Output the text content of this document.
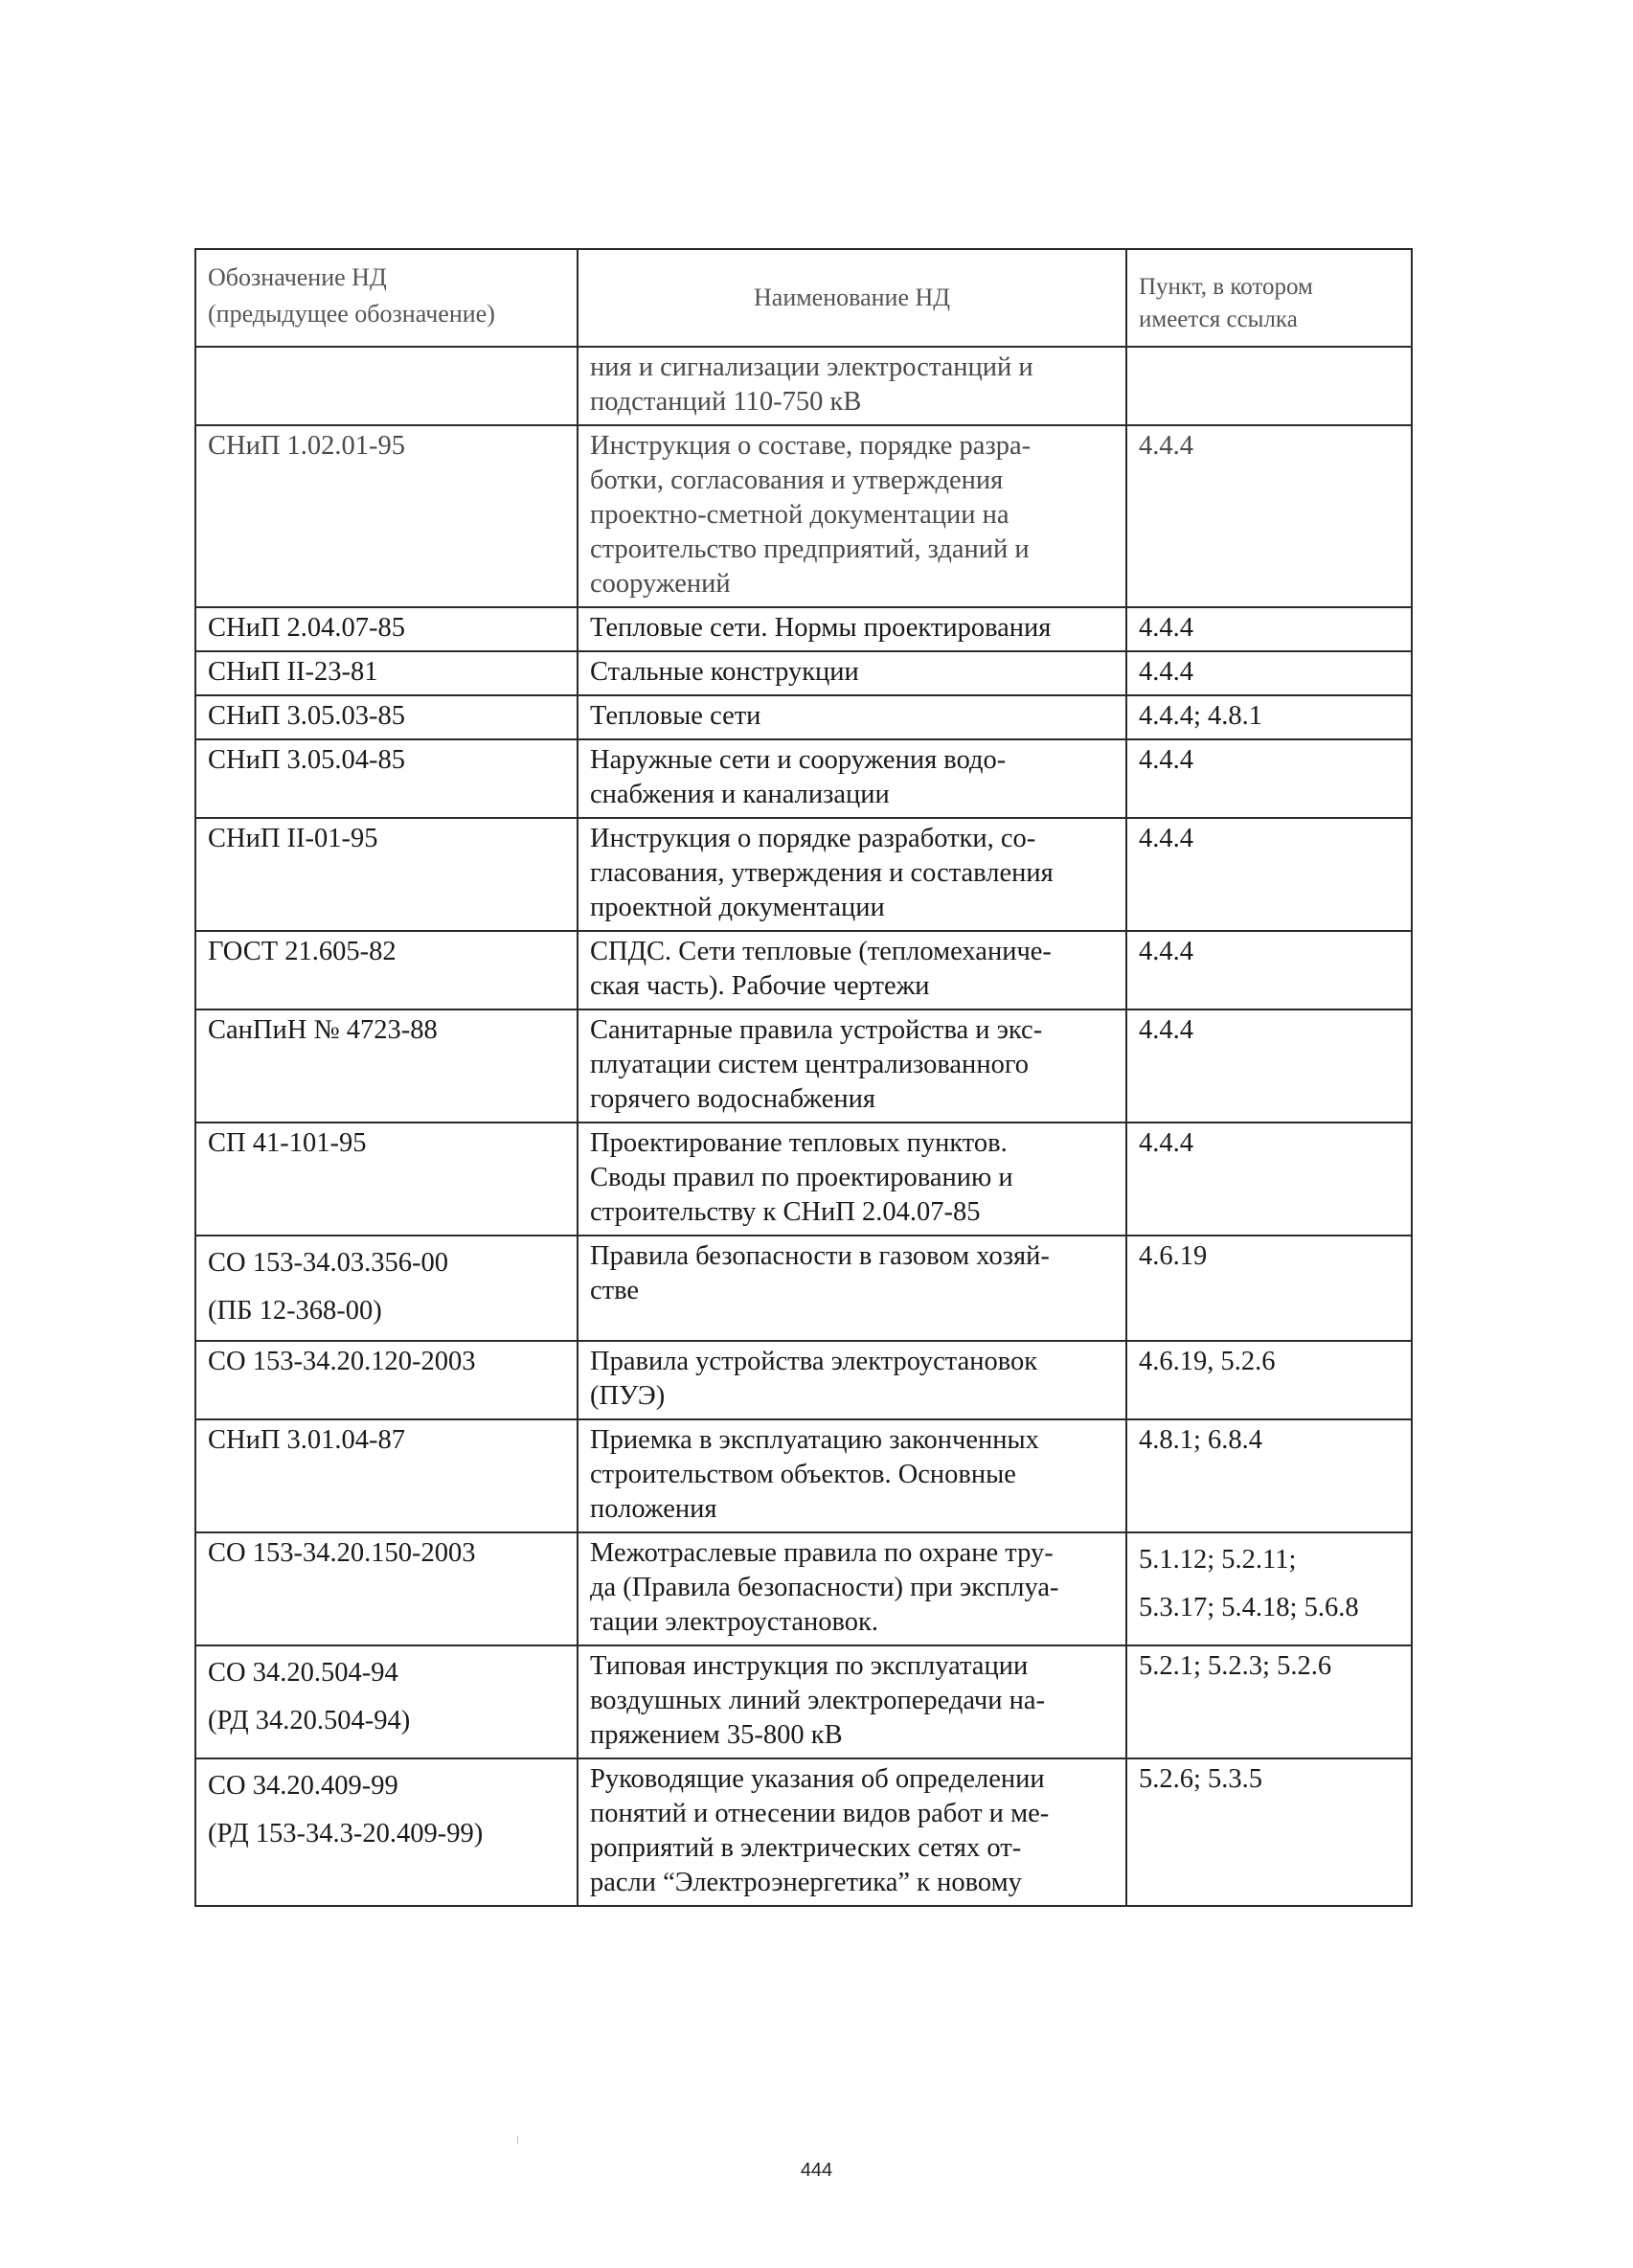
Обозначение НД
(предыдущее обозначение)	Наименование НД	Пункт, в котором
имеется ссылка

	ния и сигнализации электростанций и
подстанций 110-750 кВ	

СНиП 1.02.01-95	Инструкция о составе, порядке разра-
ботки, согласования и утверждения
проектно-сметной документации на
строительство предприятий, зданий и
сооружений	4.4.4

СНиП 2.04.07-85	Тепловые сети. Нормы проектирования	4.4.4

СНиП II-23-81	Стальные конструкции	4.4.4

СНиП 3.05.03-85	Тепловые сети	4.4.4; 4.8.1

СНиП 3.05.04-85	Наружные сети и сооружения водо-
снабжения и канализации	4.4.4

СНиП II-01-95	Инструкция о порядке разработки, со-
гласования, утверждения и составления
проектной документации	4.4.4

ГОСТ 21.605-82	СПДС. Сети тепловые (тепломеханиче-
ская часть). Рабочие чертежи	4.4.4

СанПиН № 4723-88	Санитарные правила устройства и экс-
плуатации систем централизованного
горячего водоснабжения	4.4.4

СП 41-101-95	Проектирование тепловых пунктов.
Своды правил по проектированию и
строительству к СНиП 2.04.07-85	4.4.4

СО 153-34.03.356-00
(ПБ 12-368-00)	Правила безопасности в газовом хозяй-
стве	4.6.19

СО 153-34.20.120-2003	Правила устройства электроустановок
(ПУЭ)	4.6.19, 5.2.6

СНиП 3.01.04-87	Приемка в эксплуатацию законченных
строительством объектов. Основные
положения	4.8.1; 6.8.4

СО 153-34.20.150-2003	Межотраслевые правила по охране тру-
да (Правила безопасности) при эксплуа-
тации электроустановок.	5.1.12; 5.2.11;
5.3.17; 5.4.18; 5.6.8

СО 34.20.504-94
(РД 34.20.504-94)	Типовая инструкция по эксплуатации
воздушных линий электропередачи на-
пряжением 35-800 кВ	5.2.1; 5.2.3; 5.2.6

СО 34.20.409-99
(РД 153-34.3-20.409-99)	Руководящие указания об определении
понятий и отнесении видов работ и ме-
роприятий в электрических сетях от-
расли “Электроэнергетика” к новому	5.2.6; 5.3.5
444
